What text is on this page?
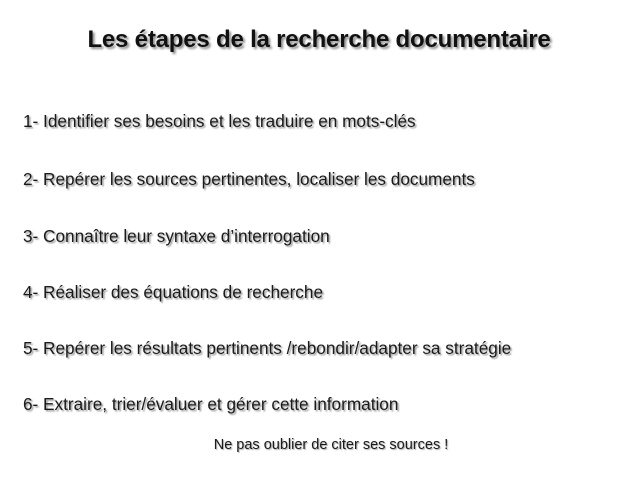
Les étapes de la recherche documentaire
1- Identifier ses besoins et les traduire en mots-clés
2- Repérer les sources pertinentes, localiser les documents
3- Connaître leur syntaxe d’interrogation
4- Réaliser des équations de recherche
5- Repérer les résultats pertinents /rebondir/adapter sa stratégie
6- Extraire, trier/évaluer et gérer cette information
Ne pas oublier de citer ses sources !
